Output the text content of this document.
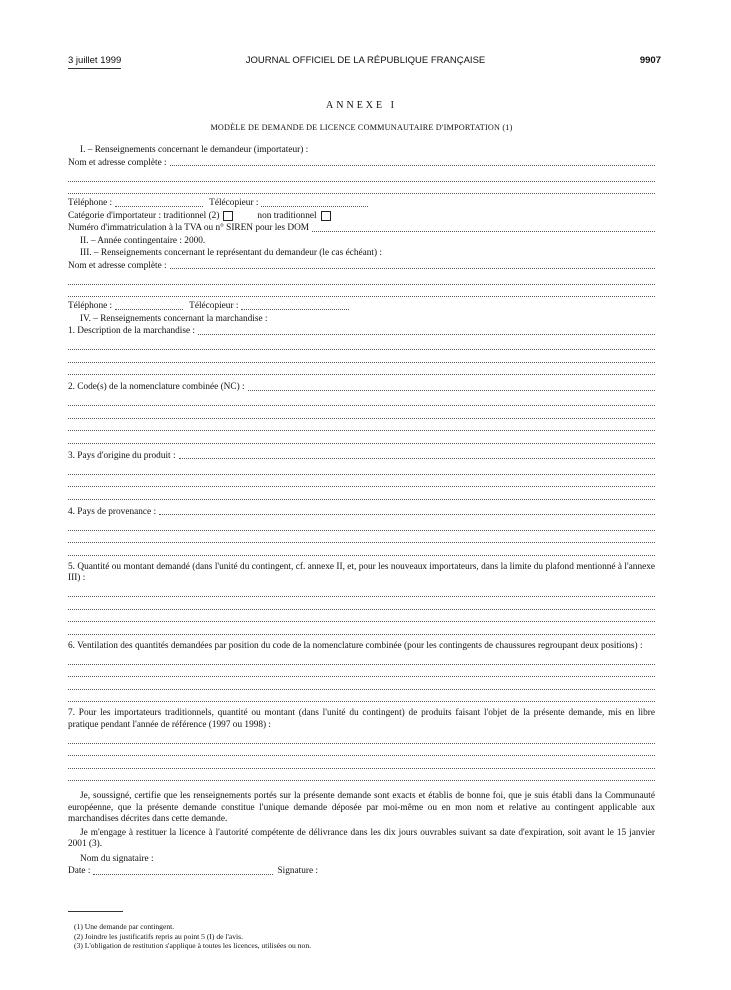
3 juillet 1999	JOURNAL OFFICIEL DE LA RÉPUBLIQUE FRANÇAISE	9907
ANNEXE I
MODÈLE DE DEMANDE DE LICENCE COMMUNAUTAIRE D'IMPORTATION (1)
I. – Renseignements concernant le demandeur (importateur) :
Nom et adresse complète :
Téléphone :	Télécopieur :
Catégorie d'importateur : traditionnel (2)	non traditionnel
Numéro d'immatriculation à la TVA ou n° SIREN pour les DOM
II. – Année contingentaire : 2000.
III. – Renseignements concernant le représentant du demandeur (le cas échéant) :
Nom et adresse complète :
Téléphone :	Télécopieur :
IV. – Renseignements concernant la marchandise :
1. Description de la marchandise :
2. Code(s) de la nomenclature combinée (NC) :
3. Pays d'origine du produit :
4. Pays de provenance :
5. Quantité ou montant demandé (dans l'unité du contingent, cf. annexe II, et, pour les nouveaux importateurs, dans la limite du plafond mentionné à l'annexe III) :
6. Ventilation des quantités demandées par position du code de la nomenclature combinée (pour les contingents de chaussures regroupant deux positions) :
7. Pour les importateurs traditionnels, quantité ou montant (dans l'unité du contingent) de produits faisant l'objet de la présente demande, mis en libre pratique pendant l'année de référence (1997 ou 1998) :
Je, soussigné, certifie que les renseignements portés sur la présente demande sont exacts et établis de bonne foi, que je suis établi dans la Communauté européenne, que la présente demande constitue l'unique demande déposée par moi-même ou en mon nom et relative au contingent applicable aux marchandises décrites dans cette demande.
Je m'engage à restituer la licence à l'autorité compétente de délivrance dans les dix jours ouvrables suivant sa date d'expiration, soit avant le 15 janvier 2001 (3).
Nom du signataire :
Date :	Signature :
(1) Une demande par contingent.
(2) Joindre les justificatifs repris au point 5 (I) de l'avis.
(3) L'obligation de restitution s'applique à toutes les licences, utilisées ou non.
